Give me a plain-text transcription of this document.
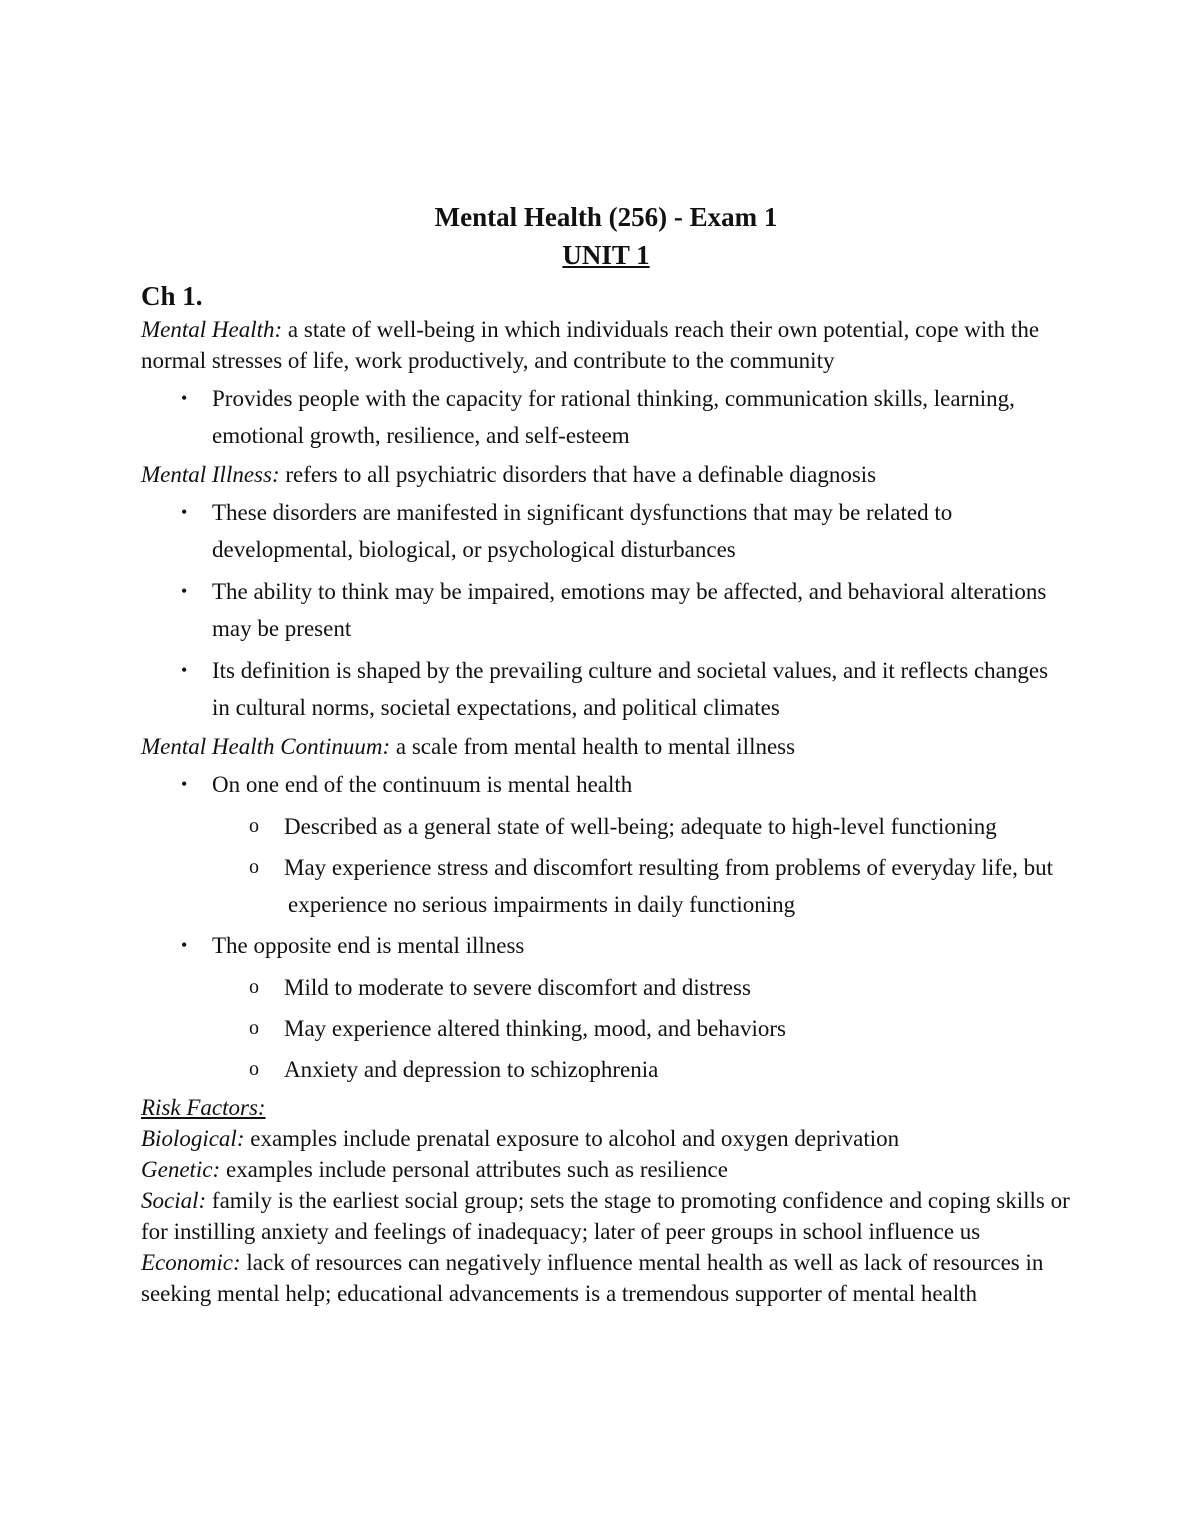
Mental Health (256) - Exam 1
UNIT 1
Ch 1.

Mental Health: a state of well-being in which individuals reach their own potential, cope with the normal stresses of life, work productively, and contribute to the community

• Provides people with the capacity for rational thinking, communication skills, learning, emotional growth, resilience, and self-esteem

Mental Illness: refers to all psychiatric disorders that have a definable diagnosis

• These disorders are manifested in significant dysfunctions that may be related to developmental, biological, or psychological disturbances
• The ability to think may be impaired, emotions may be affected, and behavioral alterations may be present
• Its definition is shaped by the prevailing culture and societal values, and it reflects changes in cultural norms, societal expectations, and political climates

Mental Health Continuum: a scale from mental health to mental illness

• On one end of the continuum is mental health
o Described as a general state of well-being; adequate to high-level functioning
o May experience stress and discomfort resulting from problems of everyday life, but experience no serious impairments in daily functioning
• The opposite end is mental illness
o Mild to moderate to severe discomfort and distress
o May experience altered thinking, mood, and behaviors
o Anxiety and depression to schizophrenia

Risk Factors:

Biological: examples include prenatal exposure to alcohol and oxygen deprivation

Genetic: examples include personal attributes such as resilience

Social: family is the earliest social group; sets the stage to promoting confidence and coping skills or for instilling anxiety and feelings of inadequacy; later of peer groups in school influence us

Economic: lack of resources can negatively influence mental health as well as lack of resources in seeking mental help; educational advancements is a tremendous supporter of mental health
